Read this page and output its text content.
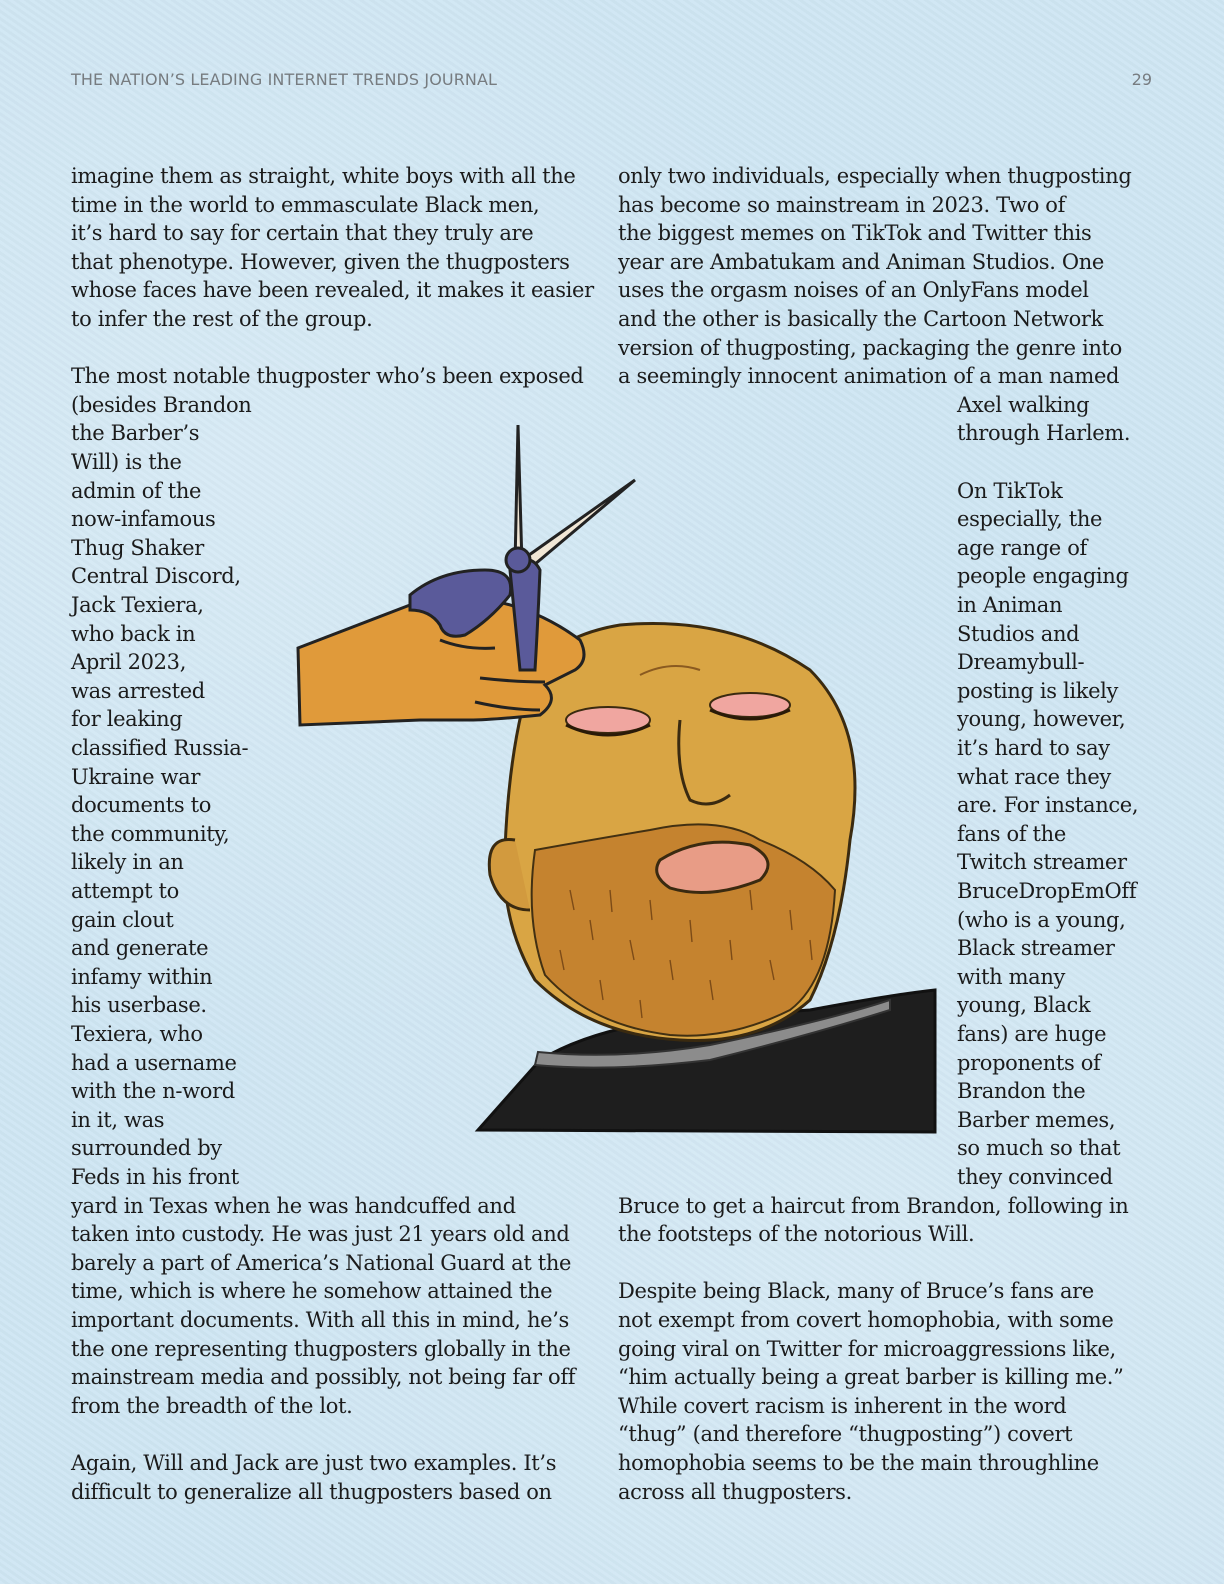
THE NATION’S LEADING INTERNET TRENDS JOURNAL	29
imagine them as straight, white boys with all the
time in the world to emmasculate Black men,
it’s hard to say for certain that they truly are
that phenotype. However, given the thugposters
whose faces have been revealed, it makes it easier
to infer the rest of the group.
The most notable thugposter who’s been exposed
(besides Brandon
the Barber’s
Will) is the
admin of the
now-infamous
Thug Shaker
Central Discord,
Jack Texiera,
who back in
April 2023,
was arrested
for leaking
classified Russia-
Ukraine war
documents to
the community,
likely in an
attempt to
gain clout
and generate
infamy within
his userbase.
Texiera, who
had a username
with the n-word
in it, was
surrounded by
Feds in his front
yard in Texas when he was handcuffed and
taken into custody. He was just 21 years old and
barely a part of America’s National Guard at the
time, which is where he somehow attained the
important documents. With all this in mind, he’s
the one representing thugposters globally in the
mainstream media and possibly, not being far off
from the breadth of the lot.
Again, Will and Jack are just two examples. It’s
difficult to generalize all thugposters based on
only two individuals, especially when thugposting
has become so mainstream in 2023. Two of
the biggest memes on TikTok and Twitter this
year are Ambatukam and Animan Studios. One
uses the orgasm noises of an OnlyFans model
and the other is basically the Cartoon Network
version of thugposting, packaging the genre into
a seemingly innocent animation of a man named
Axel walking
through Harlem.
On TikTok
especially, the
age range of
people engaging
in Animan
Studios and
Dreamybull-
posting is likely
young, however,
it’s hard to say
what race they
are. For instance,
fans of the
Twitch streamer
BruceDropEmOff
(who is a young,
Black streamer
with many
young, Black
fans) are huge
proponents of
Brandon the
Barber memes,
so much so that
they convinced
Bruce to get a haircut from Brandon, following in
the footsteps of the notorious Will.
Despite being Black, many of Bruce’s fans are
not exempt from covert homophobia, with some
going viral on Twitter for microaggressions like,
“him actually being a great barber is killing me.”
While covert racism is inherent in the word
“thug” (and therefore “thugposting”) covert
homophobia seems to be the main throughline
across all thugposters.
